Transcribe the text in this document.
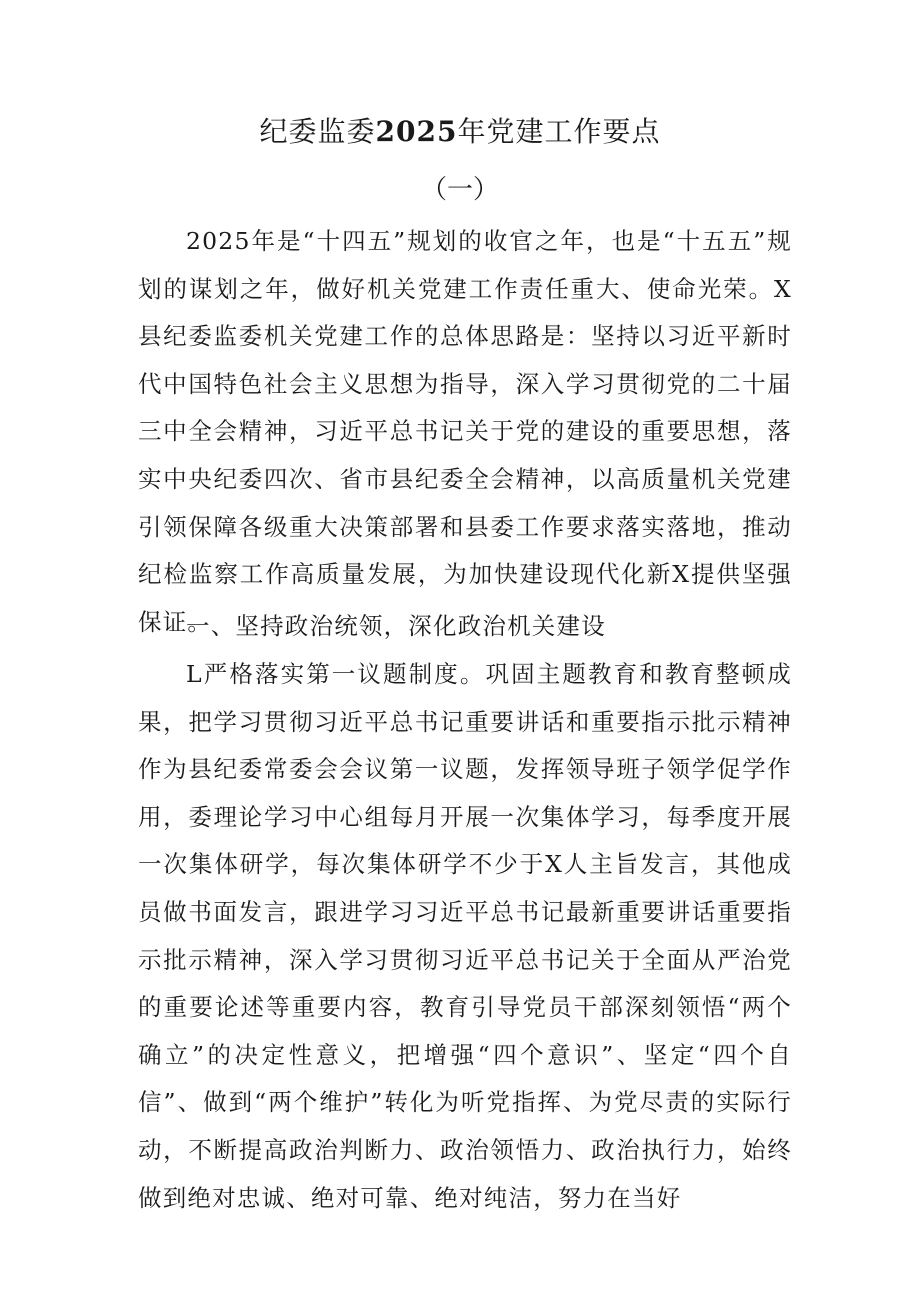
纪委监委2025年党建工作要点
（一）

2025年是“十四五”规划的收官之年，也是“十五五”规划的谋划之年，做好机关党建工作责任重大、使命光荣。X县纪委监委机关党建工作的总体思路是：坚持以习近平新时代中国特色社会主义思想为指导，深入学习贯彻党的二十届三中全会精神，习近平总书记关于党的建设的重要思想，落实中央纪委四次、省市县纪委全会精神，以高质量机关党建引领保障各级重大决策部署和县委工作要求落实落地，推动纪检监察工作高质量发展，为加快建设现代化新X提供坚强保证。

一、坚持政治统领，深化政治机关建设

L严格落实第一议题制度。巩固主题教育和教育整顿成果，把学习贯彻习近平总书记重要讲话和重要指示批示精神作为县纪委常委会会议第一议题，发挥领导班子领学促学作用，委理论学习中心组每月开展一次集体学习，每季度开展一次集体研学，每次集体研学不少于X人主旨发言，其他成员做书面发言，跟进学习习近平总书记最新重要讲话重要指示批示精神，深入学习贯彻习近平总书记关于全面从严治党的重要论述等重要内容，教育引导党员干部深刻领悟“两个确立”的决定性意义，把增强“四个意识”、坚定“四个自信”、做到“两个维护”转化为听党指挥、为党尽责的实际行动，不断提高政治判断力、政治领悟力、政治执行力，始终做到绝对忠诚、绝对可靠、绝对纯洁，努力在当好
